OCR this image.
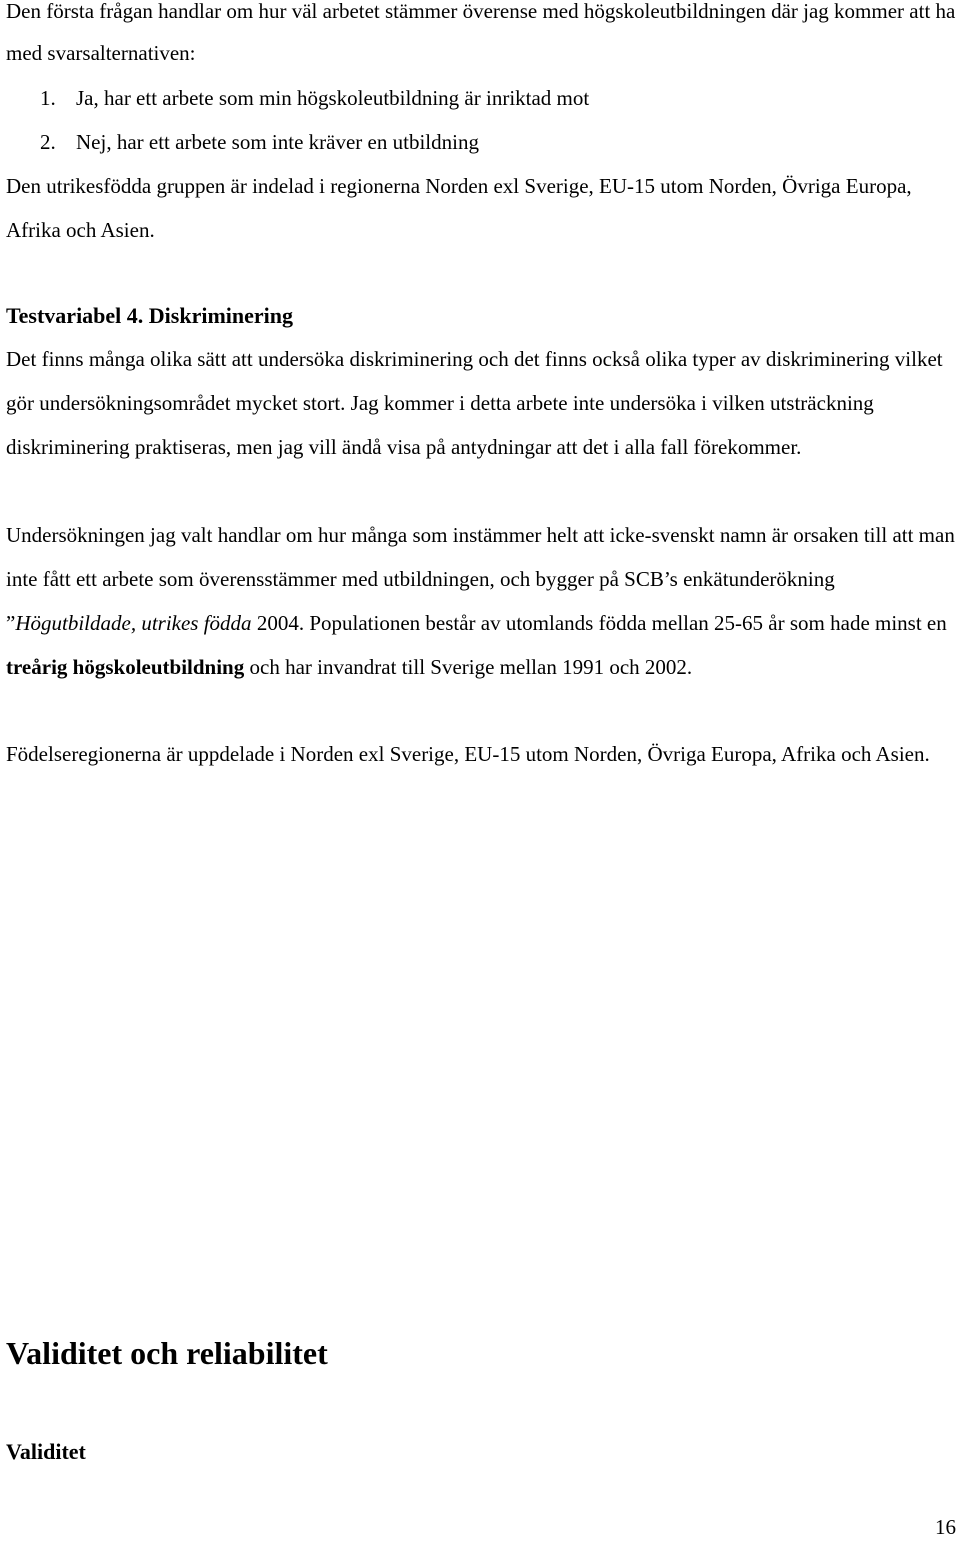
Den första frågan handlar om hur väl arbetet stämmer överense med högskoleutbildningen där jag kommer att ha med svarsalternativen:

1. Ja, har ett arbete som min högskoleutbildning är inriktad mot
2. Nej, har ett arbete som inte kräver en utbildning

Den utrikesfödda gruppen är indelad i regionerna Norden exl Sverige, EU-15 utom Norden, Övriga Europa, Afrika och Asien.

Testvariabel 4. Diskriminering

Det finns många olika sätt att undersöka diskriminering och det finns också olika typer av diskriminering vilket gör undersökningsområdet mycket stort. Jag kommer i detta arbete inte undersöka i vilken utsträckning diskriminering praktiseras, men jag vill ändå visa på antydningar att det i alla fall förekommer.

Undersökningen jag valt handlar om hur många som instämmer helt att icke-svenskt namn är orsaken till att man inte fått ett arbete som överensstämmer med utbildningen, och bygger på SCB’s enkätunderökning ”Högutbildade, utrikes födda 2004. Populationen består av utomlands födda mellan 25-65 år som hade minst en treårig högskoleutbildning och har invandrat till Sverige mellan 1991 och 2002.

Födelseregionerna är uppdelade i Norden exl Sverige, EU-15 utom Norden, Övriga Europa, Afrika och Asien.

Validitet och reliabilitet
Validitet
16
